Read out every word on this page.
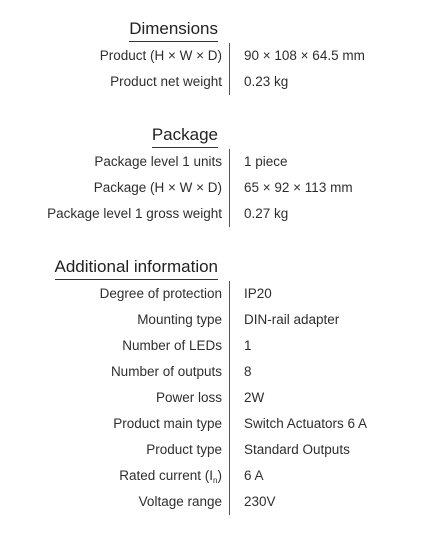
Dimensions
Product (H × W × D) 90 × 108 × 64.5 mm
Product net weight 0.23 kg
Package
Package level 1 units 1 piece
Package (H × W × D) 65 × 92 × 113 mm
Package level 1 gross weight 0.27 kg
Additional information
Degree of protection IP20
Mounting type DIN-rail adapter
Number of LEDs 1
Number of outputs 8
Power loss 2W
Product main type Switch Actuators 6 A
Product type Standard Outputs
Rated current $(I_n)$ 6 A
Voltage range 230V
